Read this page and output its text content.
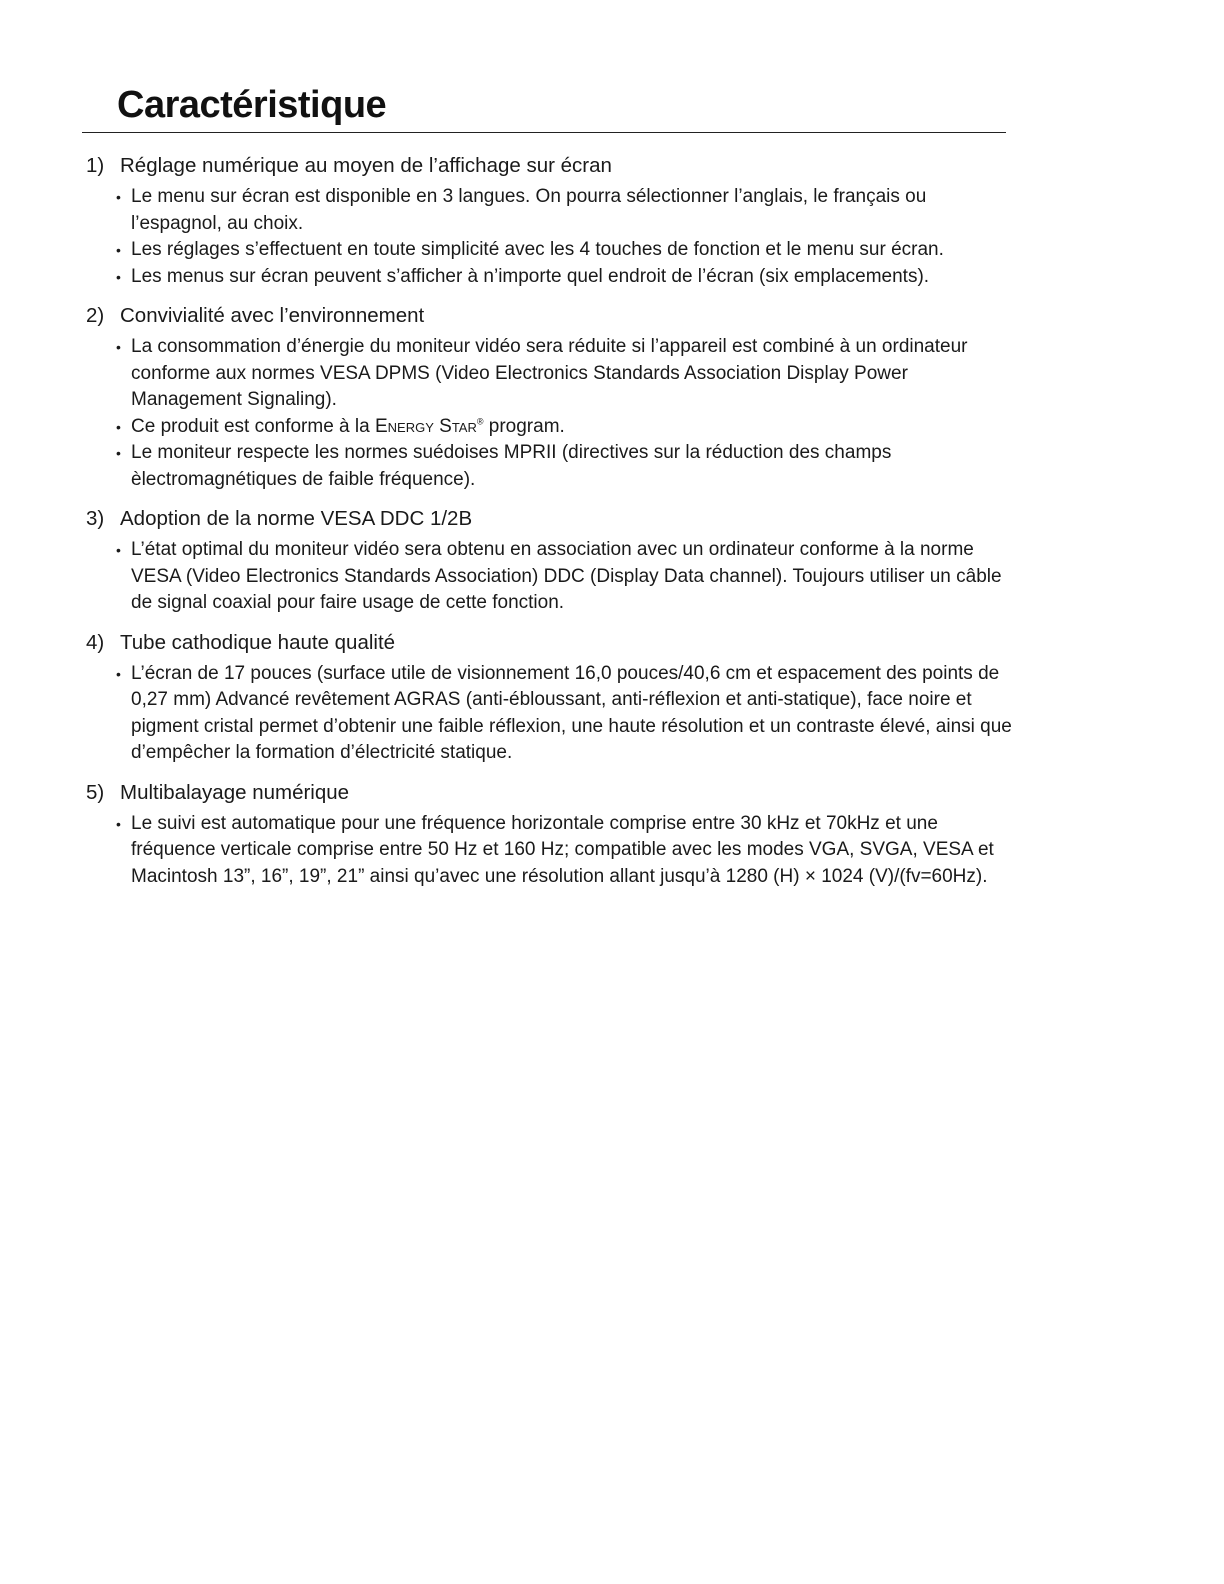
Caractéristique
1) Réglage numérique au moyen de l’affichage sur écran
• Le menu sur écran est disponible en 3 langues. On pourra sélectionner l’anglais, le français ou l’espagnol, au choix.
• Les réglages s’effectuent en toute simplicité avec les 4 touches de fonction et le menu sur écran.
• Les menus sur écran peuvent s’afficher à n’importe quel endroit de l’écran (six emplacements).
2) Convivialité avec l’environnement
• La consommation d’énergie du moniteur vidéo sera réduite si l’appareil est combiné à un ordinateur conforme aux normes VESA DPMS (Video Electronics Standards Association Display Power Management Signaling).
• Ce produit est conforme à la Energy Star® program.
• Le moniteur respecte les normes suédoises MPRII (directives sur la réduction des champs èlectromagnétiques de faible fréquence).
3) Adoption de la norme VESA DDC 1/2B
• L’état optimal du moniteur vidéo sera obtenu en association avec un ordinateur conforme à la norme VESA (Video Electronics Standards Association) DDC (Display Data channel). Toujours utiliser un câble de signal coaxial pour faire usage de cette fonction.
4) Tube cathodique haute qualité
• L’écran de 17 pouces (surface utile de visionnement 16,0 pouces/40,6 cm et espacement des points de 0,27 mm) Advancé revêtement AGRAS (anti-ébloussant, anti-réflexion et anti-statique), face noire et pigment cristal permet d’obtenir une faible réflexion, une haute résolution et un contraste élevé, ainsi que d’empêcher la formation d’électricité statique.
5) Multibalayage numérique
• Le suivi est automatique pour une fréquence horizontale comprise entre 30 kHz et 70kHz et une fréquence verticale comprise entre 50 Hz et 160 Hz; compatible avec les modes VGA, SVGA, VESA et Macintosh 13”, 16”, 19”, 21” ainsi qu’avec une résolution allant jusqu’à 1280 (H) × 1024 (V)/(fv=60Hz).
